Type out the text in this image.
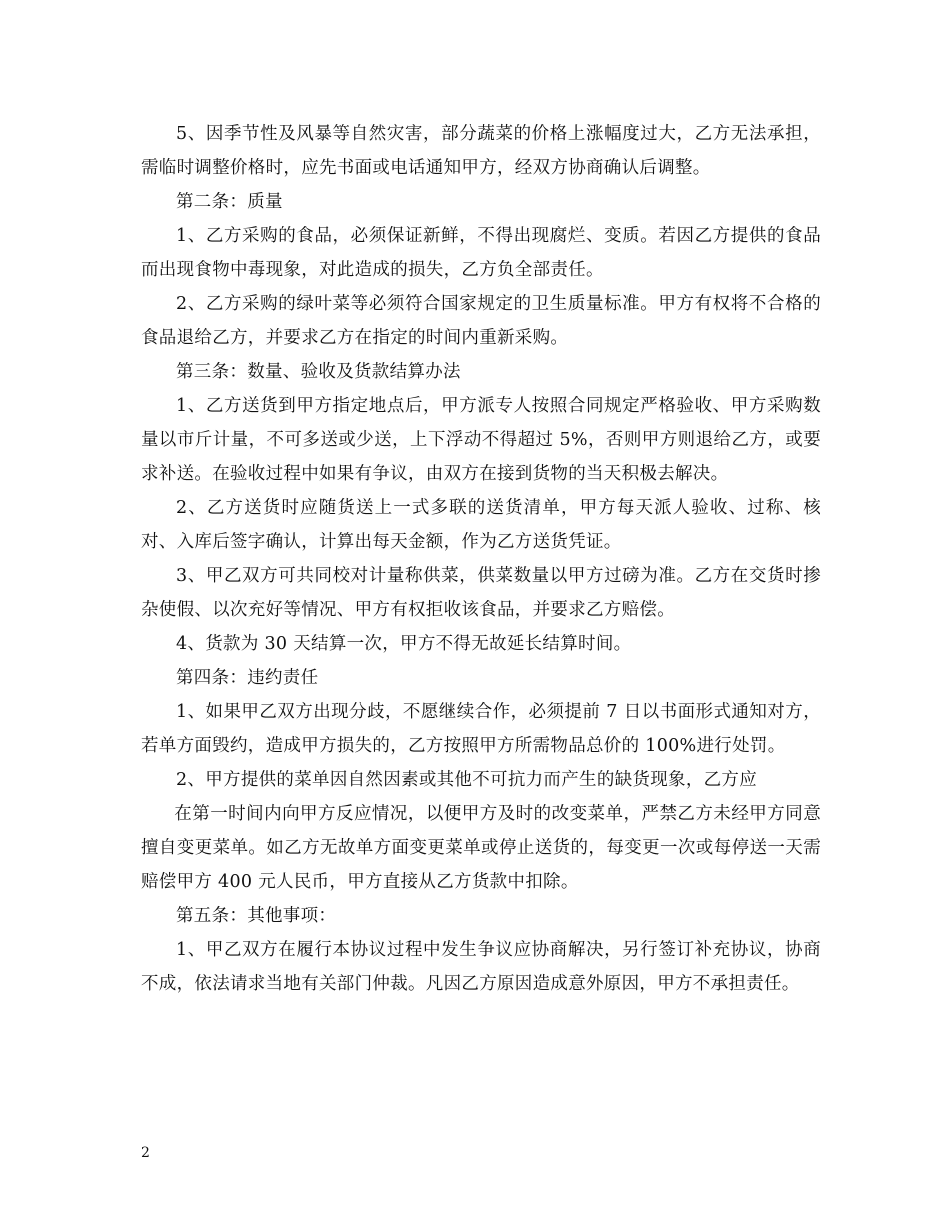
5、因季节性及风暴等自然灾害，部分蔬菜的价格上涨幅度过大，乙方无法承担，需临时调整价格时，应先书面或电话通知甲方，经双方协商确认后调整。

第二条：质量

1、乙方采购的食品，必须保证新鲜，不得出现腐烂、变质。若因乙方提供的食品而出现食物中毒现象，对此造成的损失，乙方负全部责任。

2、乙方采购的绿叶菜等必须符合国家规定的卫生质量标准。甲方有权将不合格的食品退给乙方，并要求乙方在指定的时间内重新采购。

第三条：数量、验收及货款结算办法

1、乙方送货到甲方指定地点后，甲方派专人按照合同规定严格验收、甲方采购数量以市斤计量，不可多送或少送，上下浮动不得超过 5%，否则甲方则退给乙方，或要求补送。在验收过程中如果有争议，由双方在接到货物的当天积极去解决。

2、乙方送货时应随货送上一式多联的送货清单，甲方每天派人验收、过称、核对、入库后签字确认，计算出每天金额，作为乙方送货凭证。

3、甲乙双方可共同校对计量称供菜，供菜数量以甲方过磅为准。乙方在交货时掺杂使假、以次充好等情况、甲方有权拒收该食品，并要求乙方赔偿。

4、货款为 30 天结算一次，甲方不得无故延长结算时间。

第四条：违约责任

1、如果甲乙双方出现分歧，不愿继续合作，必须提前 7 日以书面形式通知对方，若单方面毁约，造成甲方损失的，乙方按照甲方所需物品总价的 100%进行处罚。

2、甲方提供的菜单因自然因素或其他不可抗力而产生的缺货现象，乙方应

在第一时间内向甲方反应情况，以便甲方及时的改变菜单，严禁乙方未经甲方同意擅自变更菜单。如乙方无故单方面变更菜单或停止送货的，每变更一次或每停送一天需赔偿甲方 400 元人民币，甲方直接从乙方货款中扣除。

第五条：其他事项：

1、甲乙双方在履行本协议过程中发生争议应协商解决，另行签订补充协议，协商不成，依法请求当地有关部门仲裁。凡因乙方原因造成意外原因，甲方不承担责任。

2
